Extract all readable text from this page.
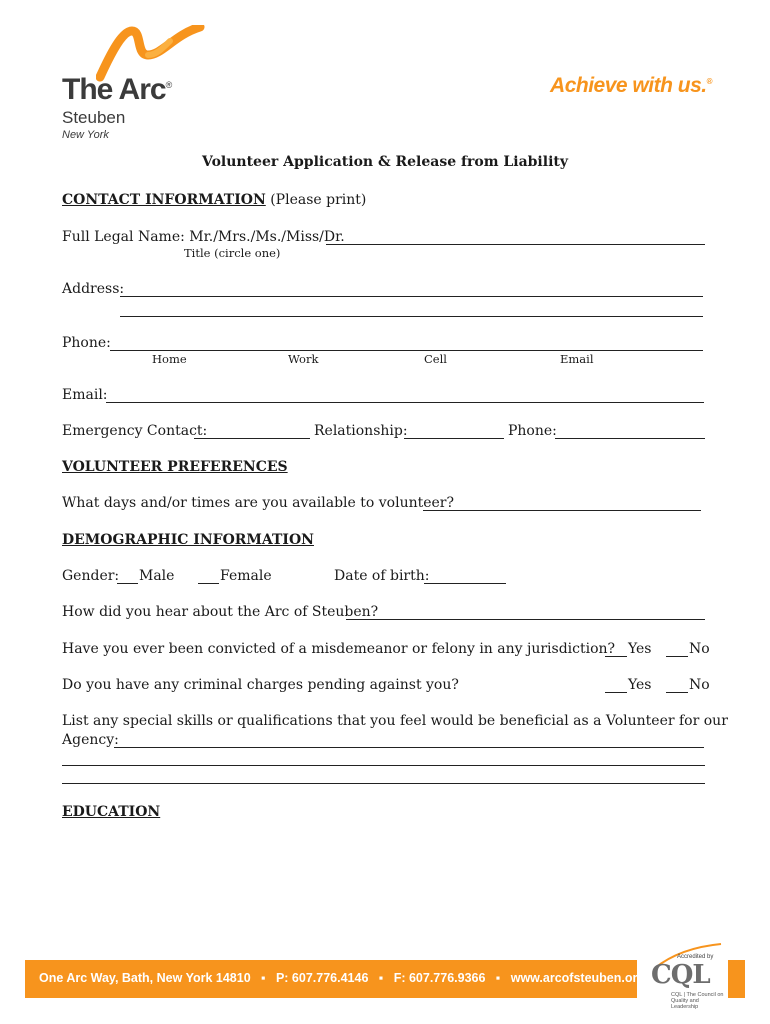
The Arc®
Steuben
New York
Achieve with us.®
Volunteer Application & Release from Liability
CONTACT INFORMATION (Please print)
Full Legal Name: Mr./Mrs./Ms./Miss/Dr.
Title (circle one)
Address:
Phone:
Home	Work	Cell	Email
Email:
Emergency Contact:	Relationship:	Phone:
VOLUNTEER PREFERENCES
What days and/or times are you available to volunteer?
DEMOGRAPHIC INFORMATION
Gender: Male	Female	Date of birth:
How did you hear about the Arc of Steuben?
Have you ever been convicted of a misdemeanor or felony in any jurisdiction? Yes	No
Do you have any criminal charges pending against you?	Yes	No
List any special skills or qualifications that you feel would be beneficial as a Volunteer for our
Agency:
EDUCATION
One Arc Way, Bath, New York 14810 ▪ P: 607.776.4146 ▪ F: 607.776.9366 ▪ www.arcofsteuben.org
Accredited by
CQL
CQL | The Council on Quality and Leadership
